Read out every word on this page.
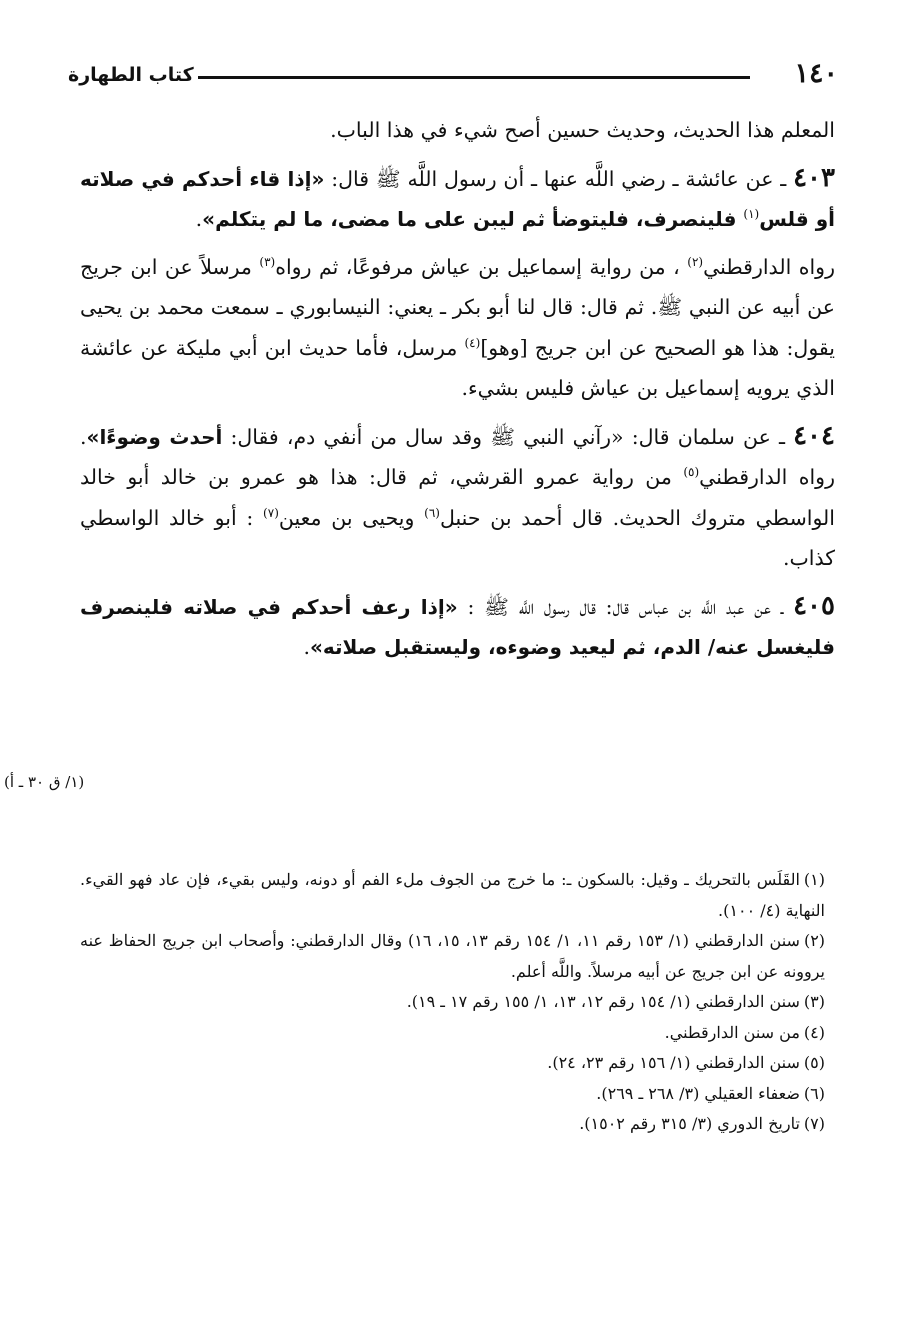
١٤٠
كتاب الطهارة

المعلم هذا الحديث، وحديث حسين أصح شيء في هذا الباب.

٤٠٣ ـ عن عائشة ـ رضي اللَّه عنها ـ أن رسول اللَّه ﷺ قال: «إذا قاء أحدكم في صلاته أو قلس$^{(١)}$ فلينصرف، فليتوضأ ثم ليبن على ما مضى، ما لم يتكلم».

رواه الدارقطني$^{(٢)}$ ، من رواية إسماعيل بن عياش مرفوعًا، ثم رواه$^{(٣)}$ مرسلاً عن ابن جريج عن أبيه عن النبي ﷺ. ثم قال: قال لنا أبو بكر ـ يعني: النيسابوري ـ سمعت محمد بن يحيى يقول: هذا هو الصحيح عن ابن جريج [وهو]$^{(٤)}$ مرسل، فأما حديث ابن أبي مليكة عن عائشة الذي يرويه إسماعيل بن عياش فليس بشيء.

٤٠٤ ـ عن سلمان قال: «رآني النبي ﷺ وقد سال من أنفي دم، فقال: أحدث وضوءًا». رواه الدارقطني$^{(٥)}$ من رواية عمرو القرشي، ثم قال: هذا هو عمرو بن خالد أبو خالد الواسطي متروك الحديث. قال أحمد بن حنبل$^{(٦)}$ ويحيى بن معين$^{(٧)}$ : أبو خالد الواسطي كذاب.

٤٠٥ ـ عن عبد اللَّه بن عباس قال: قال رسول اللَّه ﷺ : «إذا رعف أحدكم في صلاته فلينصرف فليغسل عنه/ الدم، ثم ليعيد وضوءه، وليستقبل صلاته».

(١/ ق ٣٠ ـ أ)

(١)القَلَس بالتحريك ـ وقيل: بالسكون ـ: ما خرج من الجوف ملء الفم أو دونه، وليس بقيء، فإن عاد فهو القيء. النهاية (٤/ ١٠٠).

(٢)سنن الدارقطني (١/ ١٥٣ رقم ١١، ١/ ١٥٤ رقم ١٣، ١٥، ١٦) وقال الدارقطني: وأصحاب ابن جريج الحفاظ عنه يروونه عن ابن جريج عن أبيه مرسلاً. واللَّه أعلم.

(٣)سنن الدارقطني (١/ ١٥٤ رقم ١٢، ١٣، ١/ ١٥٥ رقم ١٧ ـ ١٩).

(٤)من سنن الدارقطني.

(٥)سنن الدارقطني (١/ ١٥٦ رقم ٢٣، ٢٤).

(٦)ضعفاء العقيلي (٣/ ٢٦٨ ـ ٢٦٩).

(٧)تاريخ الدوري (٣/ ٣١٥ رقم ١٥٠٢).
